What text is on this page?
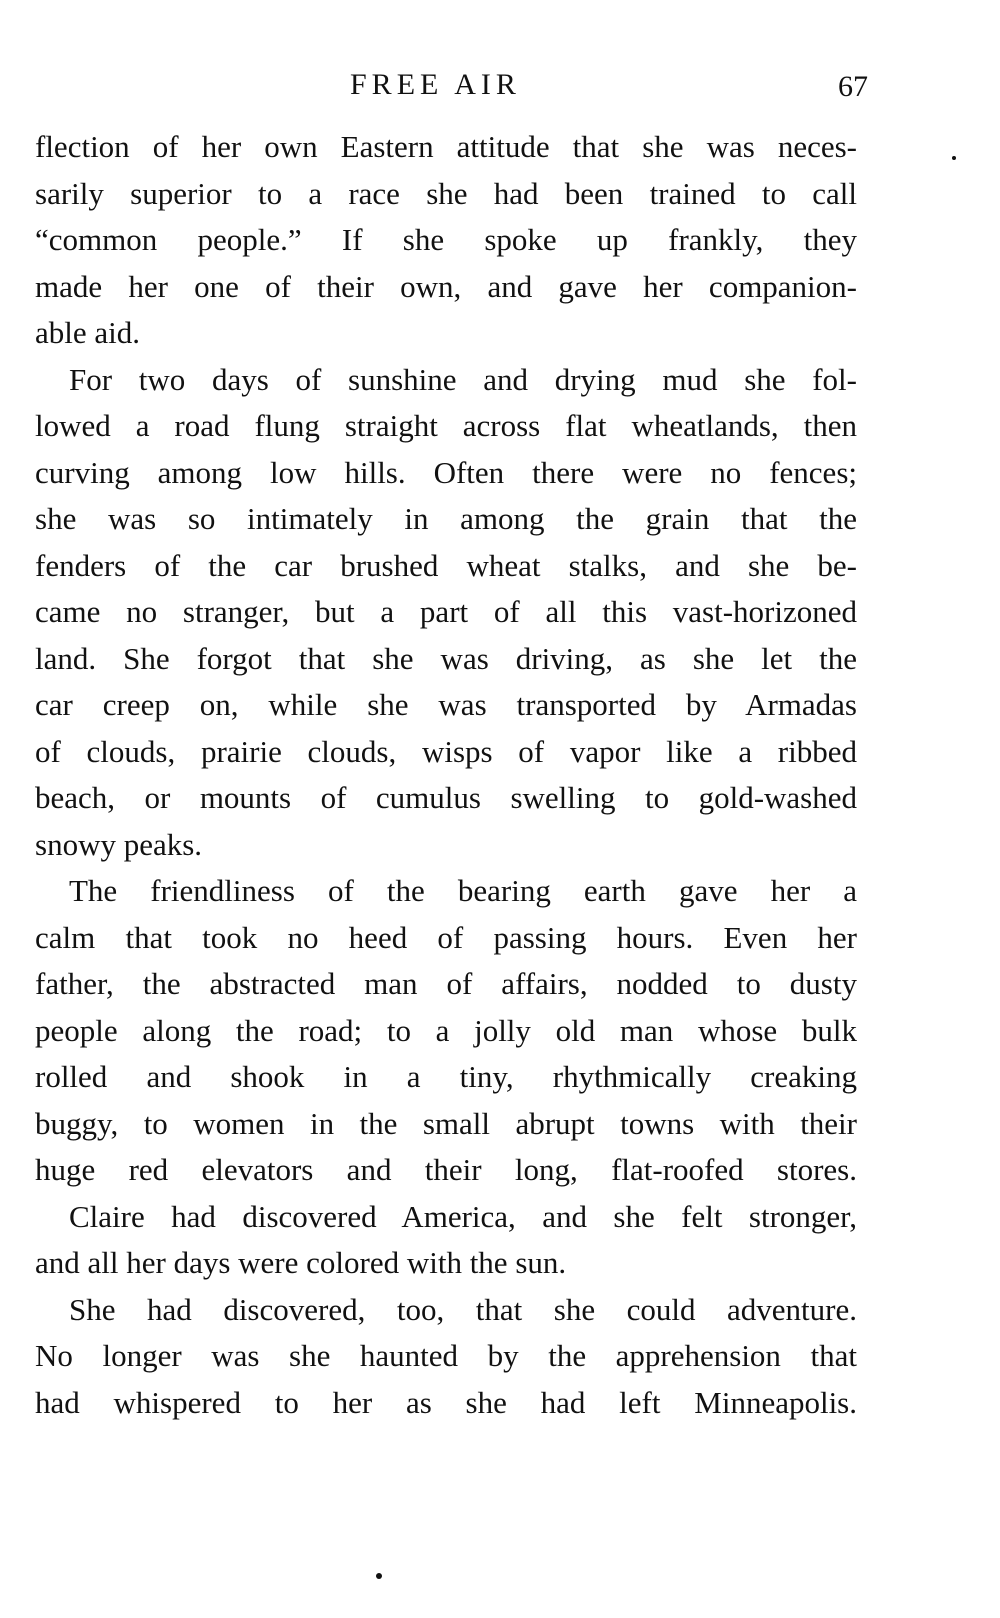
FREE AIR	67
flection of her own Eastern attitude that she was neces-
sarily superior to a race she had been trained to call
“common people.” If she spoke up frankly, they
made her one of their own, and gave her companion-
able aid.
For two days of sunshine and drying mud she fol-
lowed a road flung straight across flat wheatlands, then
curving among low hills. Often there were no fences;
she was so intimately in among the grain that the
fenders of the car brushed wheat stalks, and she be-
came no stranger, but a part of all this vast-horizoned
land. She forgot that she was driving, as she let the
car creep on, while she was transported by Armadas
of clouds, prairie clouds, wisps of vapor like a ribbed
beach, or mounts of cumulus swelling to gold-washed
snowy peaks.
The friendliness of the bearing earth gave her a
calm that took no heed of passing hours. Even her
father, the abstracted man of affairs, nodded to dusty
people along the road; to a jolly old man whose bulk
rolled and shook in a tiny, rhythmically creaking
buggy, to women in the small abrupt towns with their
huge red elevators and their long, flat-roofed stores.
Claire had discovered America, and she felt stronger,
and all her days were colored with the sun.
She had discovered, too, that she could adventure.
No longer was she haunted by the apprehension that
had whispered to her as she had left Minneapolis.
